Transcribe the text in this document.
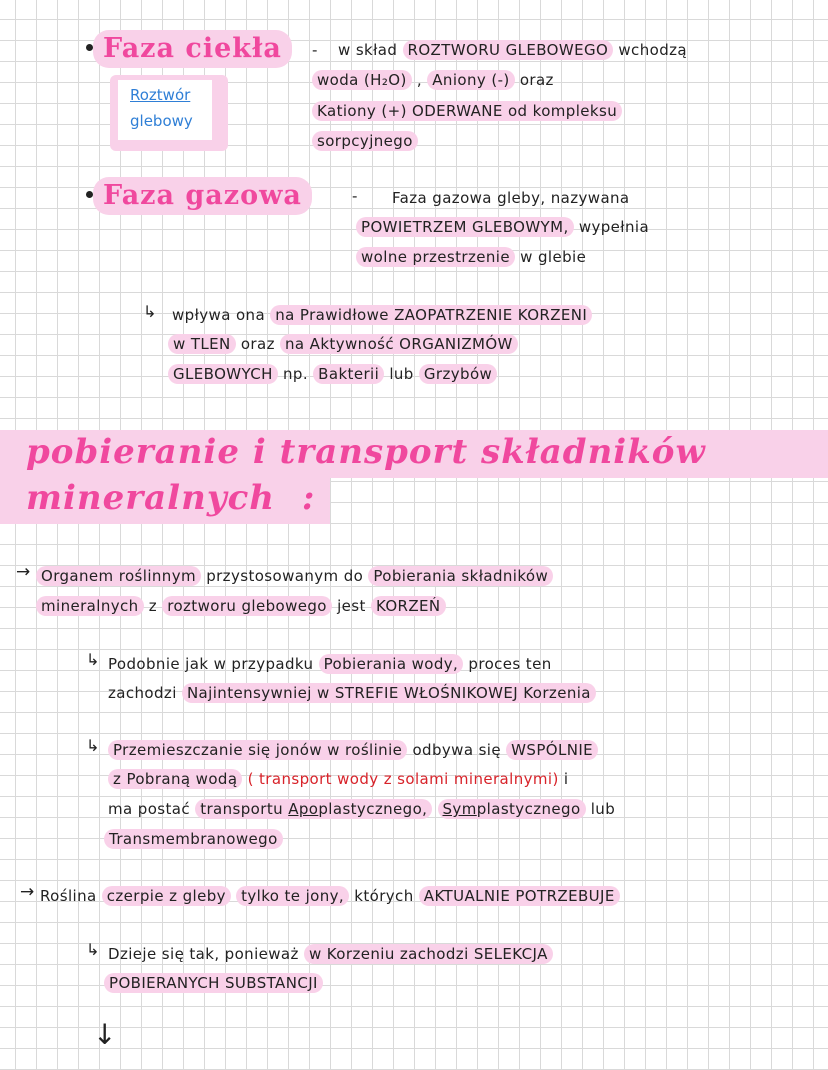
Faza ciekła	- w skład ROZTWORU GLEBOWEGO wchodzą
woda (H₂O) , Aniony (-) oraz
Kationy (+) ODERWANE od kompleksu
sorpcyjnego
Roztwór
glebowy
Faza gazowa	- Faza gazowa gleby, nazywana
POWIETRZEM GLEBOWYM, wypełnia
wolne przestrzenie w glebie
↳ wpływa ona na Prawidłowe ZAOPATRZENIE KORZENI
w TLEN oraz na Aktywność ORGANIZMÓW
GLEBOWYCH np. Bakterii lub Grzybów
pobieranie i transport składników
mineralnych :
→ Organem roślinnym przystosowanym do Pobierania składników
mineralnych z roztworu glebowego jest KORZEŃ
↳ Podobnie jak w przypadku Pobierania wody, proces ten
zachodzi Najintensywniej w STREFIE WŁOŚNIKOWEJ Korzenia
↳ Przemieszczanie się jonów w roślinie odbywa się WSPÓLNIE
z Pobraną wodą ( transport wody z solami mineralnymi) i
ma postać transportu Apoplastycznego, Symplastycznego lub
Transmembranowego
→ Roślina czerpie z gleby tylko te jony, których AKTUALNIE POTRZEBUJE
↳ Dzieje się tak, ponieważ w Korzeniu zachodzi SELEKCJA
POBIERANYCH SUBSTANCJI
↓
